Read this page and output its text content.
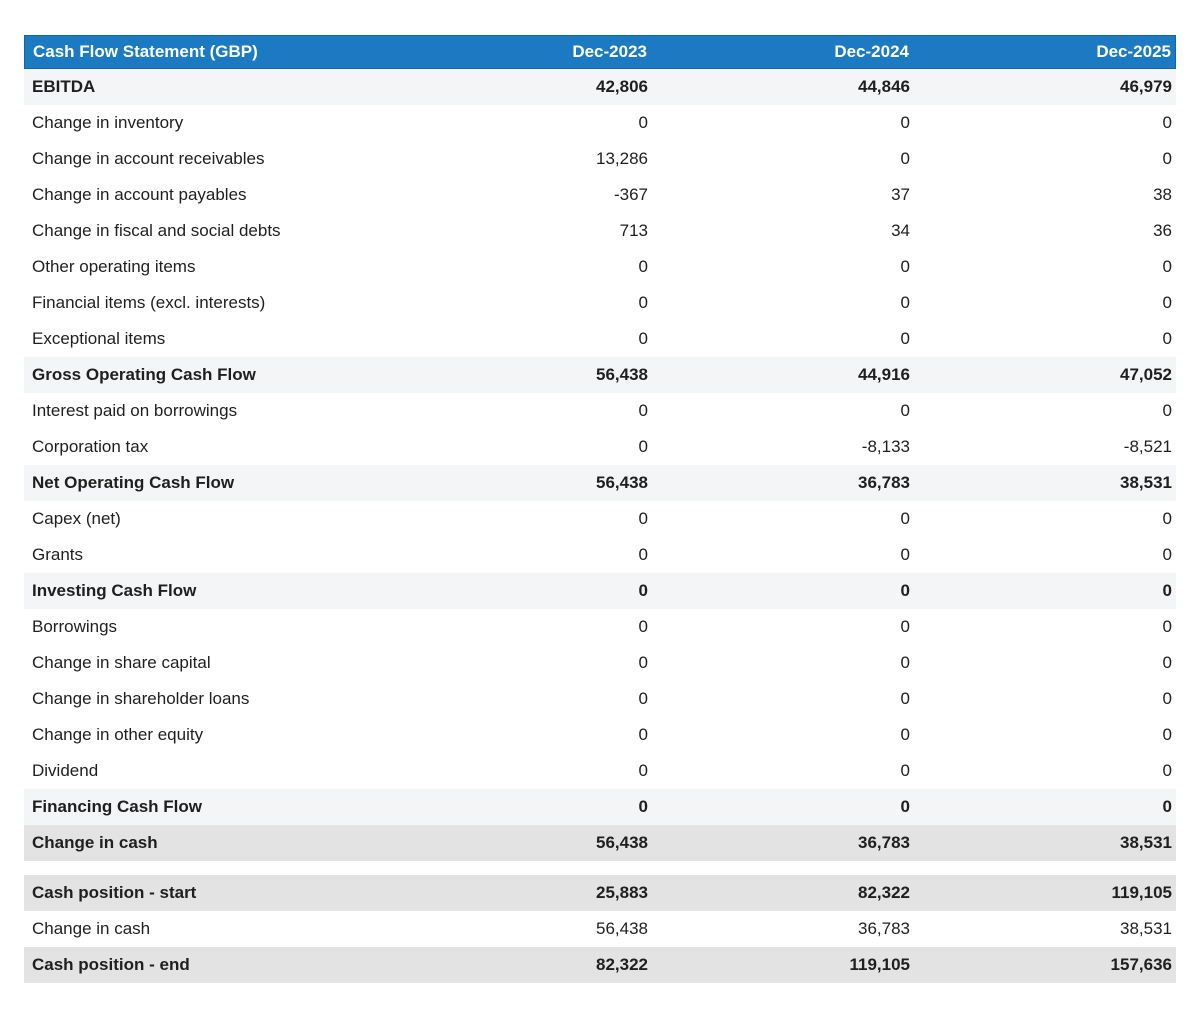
Cash Flow Statement (GBP)	Dec-2023	Dec-2024	Dec-2025
EBITDA	42,806	44,846	46,979
Change in inventory	0	0	0
Change in account receivables	13,286	0	0
Change in account payables	-367	37	38
Change in fiscal and social debts	713	34	36
Other operating items	0	0	0
Financial items (excl. interests)	0	0	0
Exceptional items	0	0	0
Gross Operating Cash Flow	56,438	44,916	47,052
Interest paid on borrowings	0	0	0
Corporation tax	0	-8,133	-8,521
Net Operating Cash Flow	56,438	36,783	38,531
Capex (net)	0	0	0
Grants	0	0	0
Investing Cash Flow	0	0	0
Borrowings	0	0	0
Change in share capital	0	0	0
Change in shareholder loans	0	0	0
Change in other equity	0	0	0
Dividend	0	0	0
Financing Cash Flow	0	0	0
Change in cash	56,438	36,783	38,531
Cash position - start	25,883	82,322	119,105
Change in cash	56,438	36,783	38,531
Cash position - end	82,322	119,105	157,636
